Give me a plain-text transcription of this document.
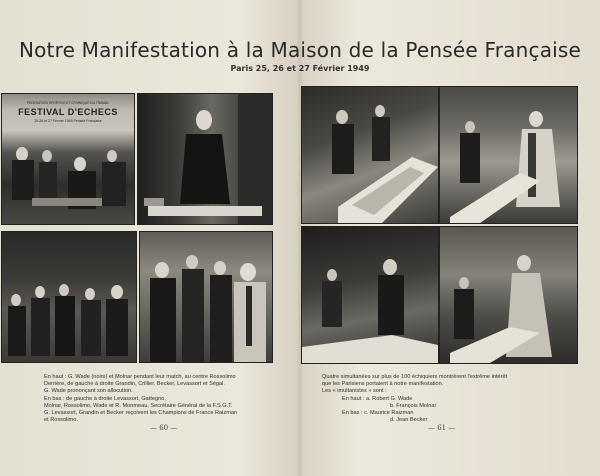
Notre Manifestation à la Maison de la Pensée Française
Paris 25, 26 et 27 Février 1949
FEDERATION SPORTIVE ET GYMNIQUE DU TRAVAIL
FESTIVAL D'ECHECS
25-26 et 27 Février 1949 Pensée Française

En haut : G. Wade (noirs) et Molnar pendant leur match, au centre Rossolimo

Derrière, de gauche à droite Grandin, Crillier, Becker, Levassort et Ségal.

G. Wade prononçant son allocution.

En bas : de gauche à droite Levassort, Gattegno,

Molnar, Rossolimo, Wade et R. Monmeau, Secrétaire Général de la F.S.G.T.

G. Levassort, Grandin et Becker reçoivent les Champions de France Raizman

et Rossolimo.

Quatre simultanées sur plus de 100 échiquiers montrèrent l'extrême intérêt

que les Parisiens portaient à notre manifestation.

Les « imultanistes » sont :

En haut : a. Robert G. Wade

b. François Molnar

En bas : c. Maurice Raizman

d. Jean Becker

— 60 —	— 61 —
